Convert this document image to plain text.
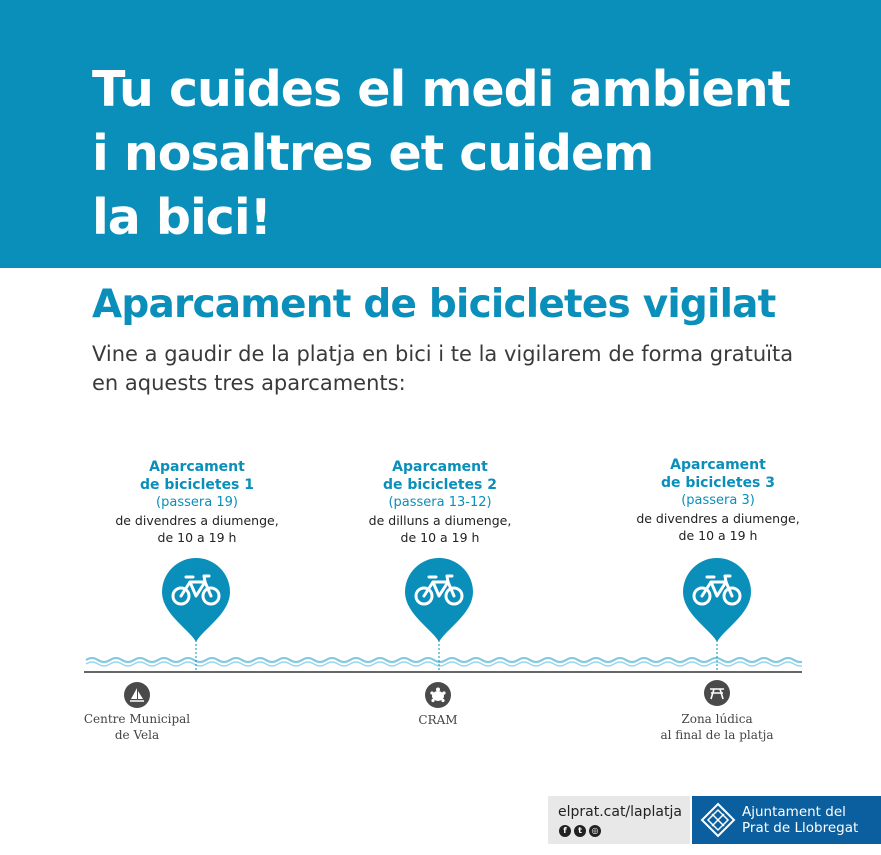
Tu cuides el medi ambient
i nosaltres et cuidem
la bici!
Aparcament de bicicletes vigilat
Vine a gaudir de la platja en bici i te la vigilarem de forma gratuïta
en aquests tres aparcaments:
Aparcament
de bicicletes 1
(passera 19)
de divendres a diumenge,
de 10 a 19 h
Aparcament
de bicicletes 2
(passera 13-12)
de dilluns a diumenge,
de 10 a 19 h
Aparcament
de bicicletes 3
(passera 3)
de divendres a diumenge,
de 10 a 19 h
Centre Municipal
de Vela
CRAM	Zona lúdica
al final de la platja
elprat.cat/laplatja
f	t	◎
Ajuntament del
Prat de Llobregat
